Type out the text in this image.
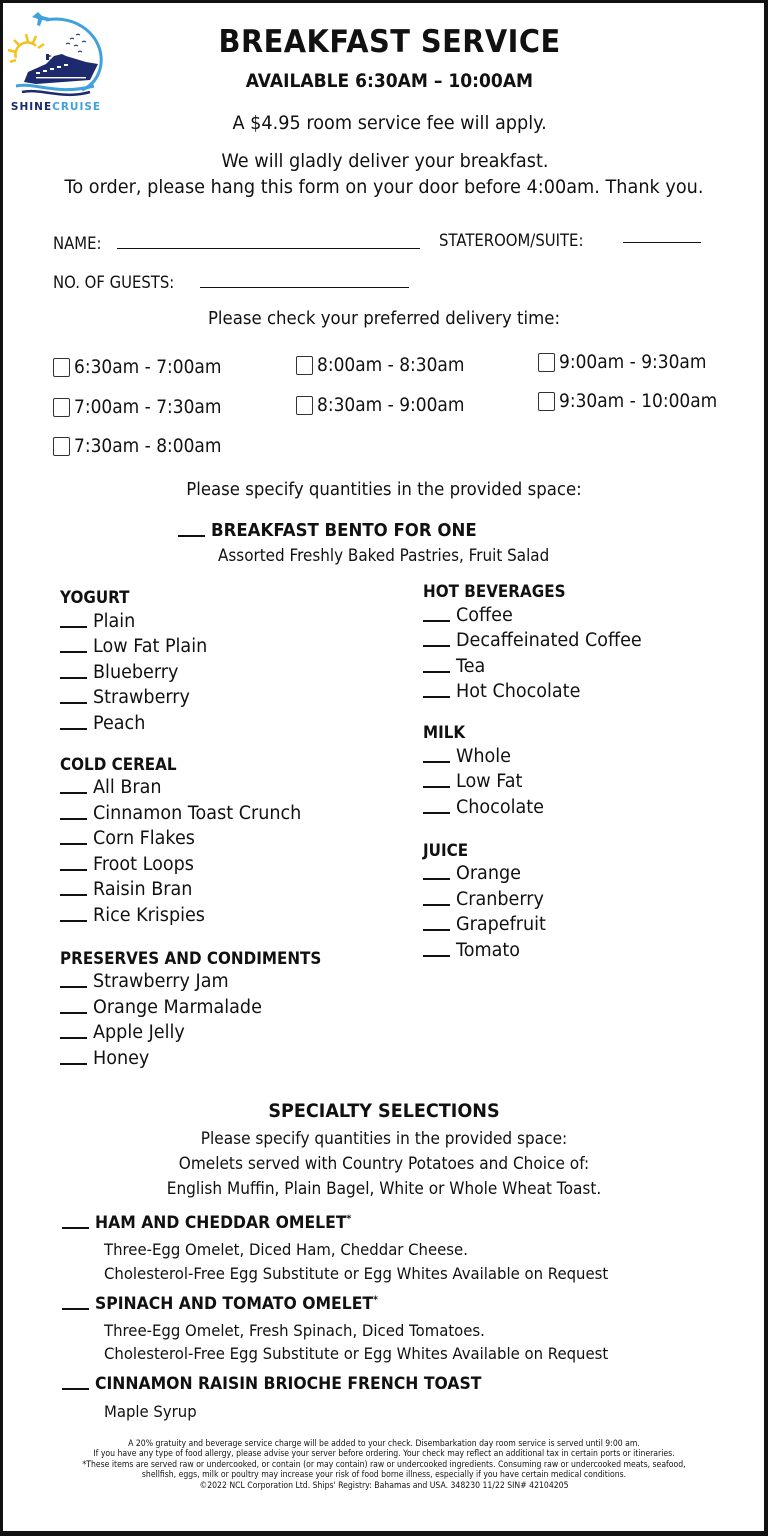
SHINECRUISE
BREAKFAST SERVICE
AVAILABLE 6:30AM – 10:00AM
A $4.95 room service fee will apply.
We will gladly deliver your breakfast.
To order, please hang this form on your door before 4:00am. Thank you.
NAME:	STATEROOM/SUITE:
NO. OF GUESTS:
Please check your preferred delivery time:
6:30am - 7:00am
7:00am - 7:30am
7:30am - 8:00am
8:00am - 8:30am
8:30am - 9:00am
9:00am - 9:30am
9:30am - 10:00am
Please specify quantities in the provided space:
BREAKFAST BENTO FOR ONE
Assorted Freshly Baked Pastries, Fruit Salad
YOGURT
Plain
Low Fat Plain
Blueberry
Strawberry
Peach
COLD CEREAL
All Bran
Cinnamon Toast Crunch
Corn Flakes
Froot Loops
Raisin Bran
Rice Krispies
PRESERVES AND CONDIMENTS
Strawberry Jam
Orange Marmalade
Apple Jelly
Honey
HOT BEVERAGES
Coffee
Decaffeinated Coffee
Tea
Hot Chocolate
MILK
Whole
Low Fat
Chocolate
JUICE
Orange
Cranberry
Grapefruit
Tomato
SPECIALTY SELECTIONS
Please specify quantities in the provided space:
Omelets served with Country Potatoes and Choice of:
English Muffin, Plain Bagel, White or Whole Wheat Toast.
HAM AND CHEDDAR OMELET*
Three-Egg Omelet, Diced Ham, Cheddar Cheese.
Cholesterol-Free Egg Substitute or Egg Whites Available on Request
SPINACH AND TOMATO OMELET*
Three-Egg Omelet, Fresh Spinach, Diced Tomatoes.
Cholesterol-Free Egg Substitute or Egg Whites Available on Request
CINNAMON RAISIN BRIOCHE FRENCH TOAST
Maple Syrup
A 20% gratuity and beverage service charge will be added to your check. Disembarkation day room service is served until 9:00 am.
If you have any type of food allergy, please advise your server before ordering. Your check may reflect an additional tax in certain ports or itineraries.
*These items are served raw or undercooked, or contain (or may contain) raw or undercooked ingredients. Consuming raw or undercooked meats, seafood,
shellfish, eggs, milk or poultry may increase your risk of food borne illness, especially if you have certain medical conditions.
©2022 NCL Corporation Ltd. Ships' Registry: Bahamas and USA. 348230 11/22 SIN# 42104205
